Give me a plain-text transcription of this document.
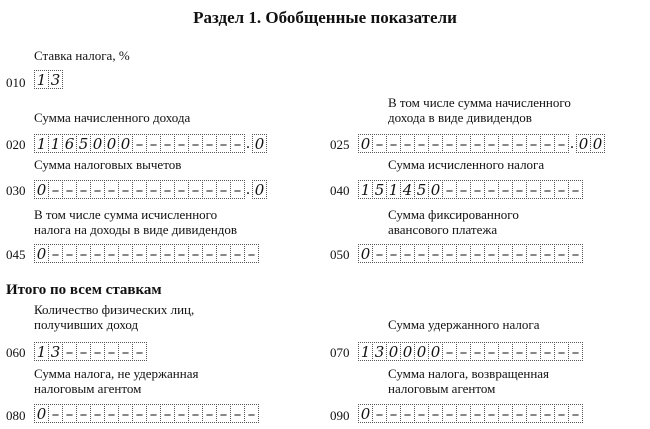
Раздел 1. Обобщенные показатели
Ставка налога, %
010 1 3
Сумма начисленного дохода
020 1 1 6 5 0 0 0 – – – – – – – – . 0
В том числе сумма начисленного
дохода в виде дивидендов
025 0 – – – – – – – – – – – – – – . 0 0
Сумма налоговых вычетов
030 0 – – – – – – – – – – – – – – . 0
Сумма исчисленного налога
040 1 5 1 4 5 0 – – – – – – – – – –
В том числе сумма исчисленного
налога на доходы в виде дивидендов
045 0 – – – – – – – – – – – – – – –
Сумма фиксированного
авансового платежа
050 0 – – – – – – – – – – – – – – –
Итого по всем ставкам
Количество физических лиц,
получивших доход
060 1 3 – – – – – –
Сумма удержанного налога
070 1 3 0 0 0 0 – – – – – – – – – –
Сумма налога, не удержанная
налоговым агентом
080 0 – – – – – – – – – – – – – – –
Сумма налога, возвращенная
налоговым агентом
090 0 – – – – – – – – – – – – – – –
